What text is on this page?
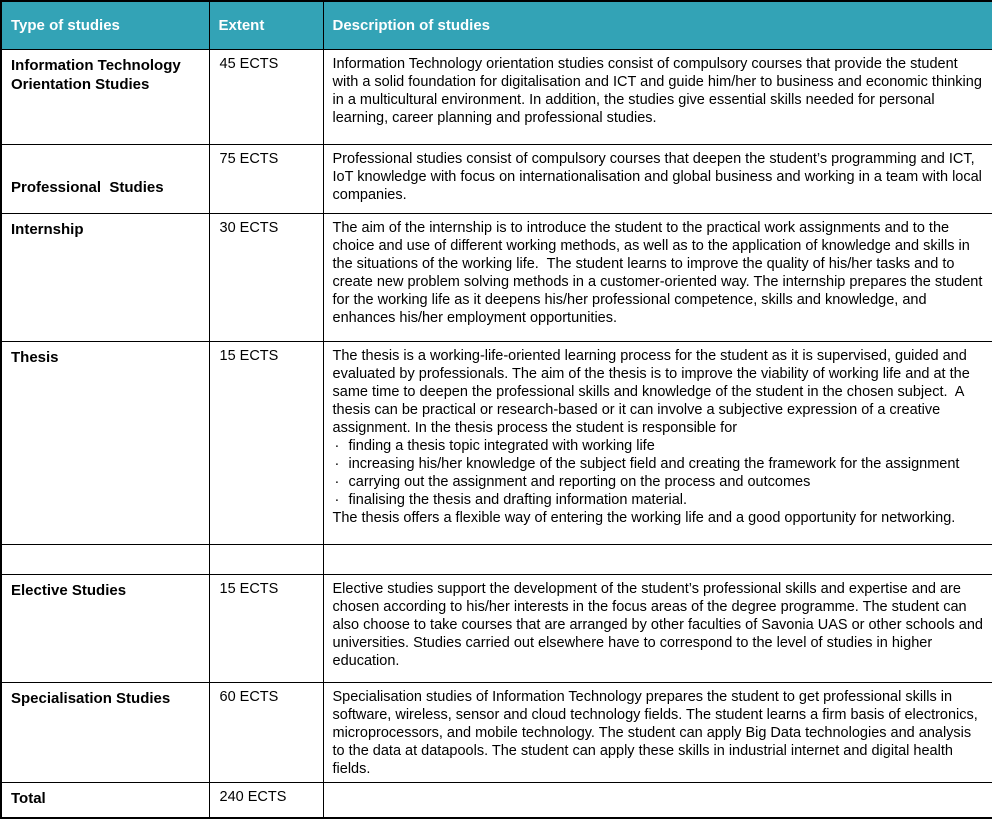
Type of studies	Extent	Description of studies
Information Technology Orientation Studies	45 ECTS	Information Technology orientation studies consist of compulsory courses that provide the student with a solid foundation for digitalisation and ICT and guide him/her to business and economic thinking in a multicultural environment. In addition, the studies give essential skills needed for personal learning, career planning and professional studies.

Professional  Studies	75 ECTS	Professional studies consist of compulsory courses that deepen the student’s programming and ICT, IoT knowledge with focus on internationalisation and global business and working in a team with local companies.

Internship	30 ECTS	The aim of the internship is to introduce the student to the practical work assignments and to the choice and use of different working methods, as well as to the application of knowledge and skills in the situations of the working life.  The student learns to improve the quality of his/her tasks and to create new problem solving methods in a customer-oriented way. The internship prepares the student for the working life as it deepens his/her professional competence, skills and knowledge, and enhances his/her employment opportunities.

Thesis	15 ECTS	The thesis is a working-life-oriented learning process for the student as it is supervised, guided and evaluated by professionals. The aim of the thesis is to improve the viability of working life and at the same time to deepen the professional skills and knowledge of the student in the chosen subject.  A thesis can be practical or research-based or it can involve a subjective expression of a creative assignment. In the thesis process the student is responsible for
· finding a thesis topic integrated with working life
· increasing his/her knowledge of the subject field and creating the framework for the assignment
· carrying out the assignment and reporting on the process and outcomes
· finalising the thesis and drafting information material.
The thesis offers a flexible way of entering the working life and a good opportunity for networking.

Elective Studies	15 ECTS	Elective studies support the development of the student’s professional skills and expertise and are chosen according to his/her interests in the focus areas of the degree programme. The student can also choose to take courses that are arranged by other faculties of Savonia UAS or other schools and universities. Studies carried out elsewhere have to correspond to the level of studies in higher education.

Specialisation Studies	60 ECTS	Specialisation studies of Information Technology prepares the student to get professional skills in software, wireless, sensor and cloud technology fields. The student learns a firm basis of electronics, microprocessors, and mobile technology. The student can apply Big Data technologies and analysis to the data at datapools. The student can apply these skills in industrial internet and digital health fields.

Total	240 ECTS	
